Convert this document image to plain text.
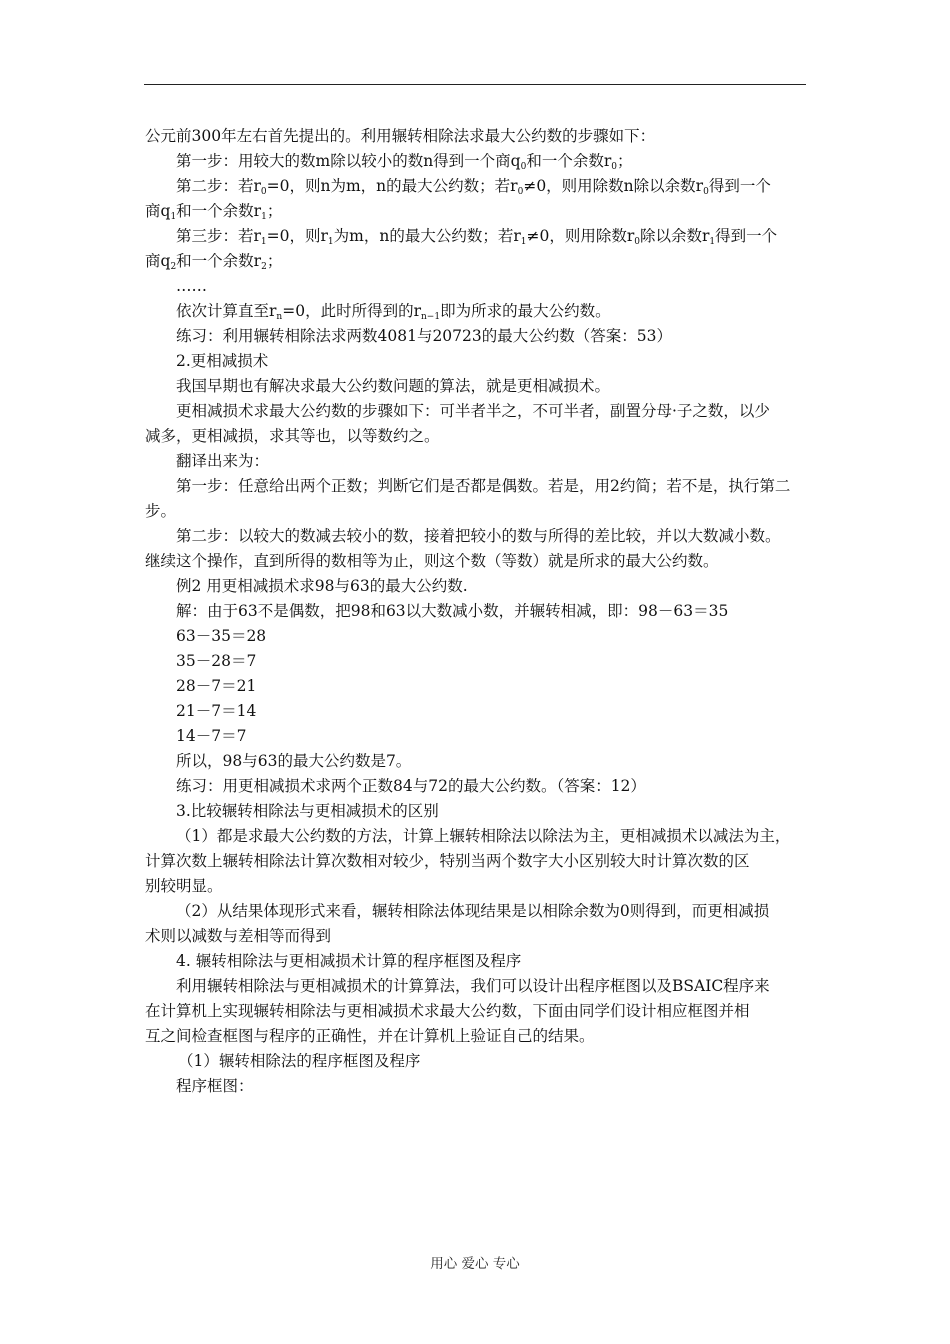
公元前300年左右首先提出的。利用辗转相除法求最大公约数的步骤如下：
第一步：用较大的数m除以较小的数n得到一个商$q_0$和一个余数$r_0$；
第二步：若$r_0=0$，则n为m，n的最大公约数；若$r_0\ne 0$，则用除数n除以余数$r_0$得到一个
商$q_1$和一个余数$r_1$；
第三步：若$r_1=0$，则$r_1$为m，n的最大公约数；若$r_1\ne 0$，则用除数$r_0$除以余数$r_1$得到一个
商$q_2$和一个余数$r_2$；
……
依次计算直至$r_n=0$，此时所得到的$r_{n-1}$即为所求的最大公约数。
练习：利用辗转相除法求两数4081与20723的最大公约数（答案：53）
2.更相减损术
我国早期也有解决求最大公约数问题的算法，就是更相减损术。
更相减损术求最大公约数的步骤如下：可半者半之，不可半者，副置分母·子之数，以少
减多，更相减损，求其等也，以等数约之。
翻译出来为：
第一步：任意给出两个正数；判断它们是否都是偶数。若是，用2约简；若不是，执行第二
步。
第二步：以较大的数减去较小的数，接着把较小的数与所得的差比较，并以大数减小数。
继续这个操作，直到所得的数相等为止，则这个数（等数）就是所求的最大公约数。
例2 用更相减损术求98与63的最大公约数.
解：由于63不是偶数，把98和63以大数减小数，并辗转相减，即：98－63＝35
63－35＝28
35－28＝7
28－7＝21
21－7＝14
14－7＝7
所以，98与63的最大公约数是7。
练习：用更相减损术求两个正数84与72的最大公约数。（答案：12）
3.比较辗转相除法与更相减损术的区别
（1）都是求最大公约数的方法，计算上辗转相除法以除法为主，更相减损术以减法为主，
计算次数上辗转相除法计算次数相对较少，特别当两个数字大小区别较大时计算次数的区
别较明显。
（2）从结果体现形式来看，辗转相除法体现结果是以相除余数为0则得到，而更相减损
术则以减数与差相等而得到
4. 辗转相除法与更相减损术计算的程序框图及程序
利用辗转相除法与更相减损术的计算算法，我们可以设计出程序框图以及BSAIC程序来
在计算机上实现辗转相除法与更相减损术求最大公约数，下面由同学们设计相应框图并相
互之间检查框图与程序的正确性，并在计算机上验证自己的结果。
（1）辗转相除法的程序框图及程序
程序框图：
用心 爱心 专心
